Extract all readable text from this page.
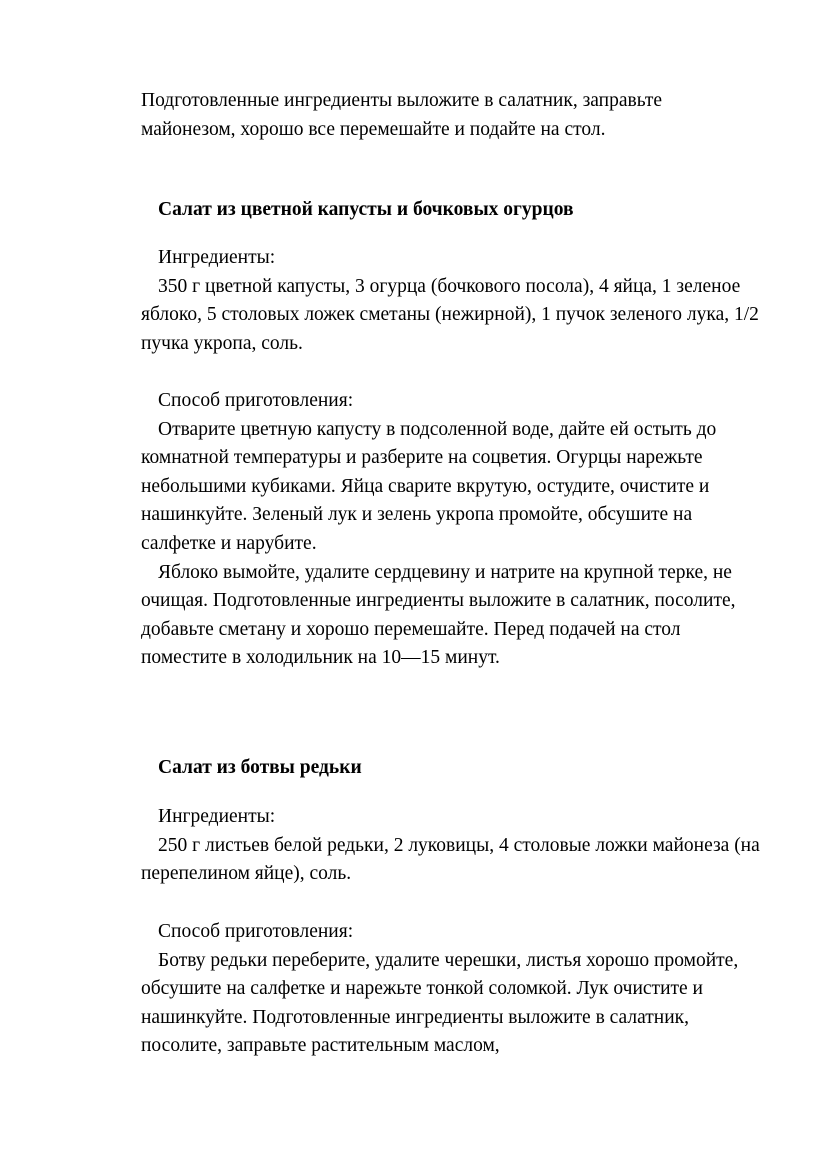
Подготовленные ингредиенты выложите в салатник, заправьте майонезом, хорошо все перемешайте и подайте на стол.

Салат из цветной капусты и бочковых огурцов

Ингредиенты:

350 г цветной капусты, 3 огурца (бочкового посола), 4 яйца, 1 зеленое яблоко, 5 столовых ложек сметаны (нежирной), 1 пучок зеленого лука, 1/2 пучка укропа, соль.

Способ приготовления:

Отварите цветную капусту в подсоленной воде, дайте ей остыть до комнатной температуры и разберите на соцветия. Огурцы нарежьте небольшими кубиками. Яйца сварите вкрутую, остудите, очистите и нашинкуйте. Зеленый лук и зелень укропа промойте, обсушите на салфетке и нарубите.

Яблоко вымойте, удалите сердцевину и натрите на крупной терке, не очищая. Подготовленные ингредиенты выложите в салатник, посолите, добавьте сметану и хорошо перемешайте. Перед подачей на стол поместите в холодильник на 10—15 минут.

Салат из ботвы редьки

Ингредиенты:

250 г листьев белой редьки, 2 луковицы, 4 столовые ложки майонеза (на перепелином яйце), соль.

Способ приготовления:

Ботву редьки переберите, удалите черешки, листья хорошо промойте, обсушите на салфетке и нарежьте тонкой соломкой. Лук очистите и нашинкуйте. Подготовленные ингредиенты выложите в салатник, посолите, заправьте растительным маслом,
